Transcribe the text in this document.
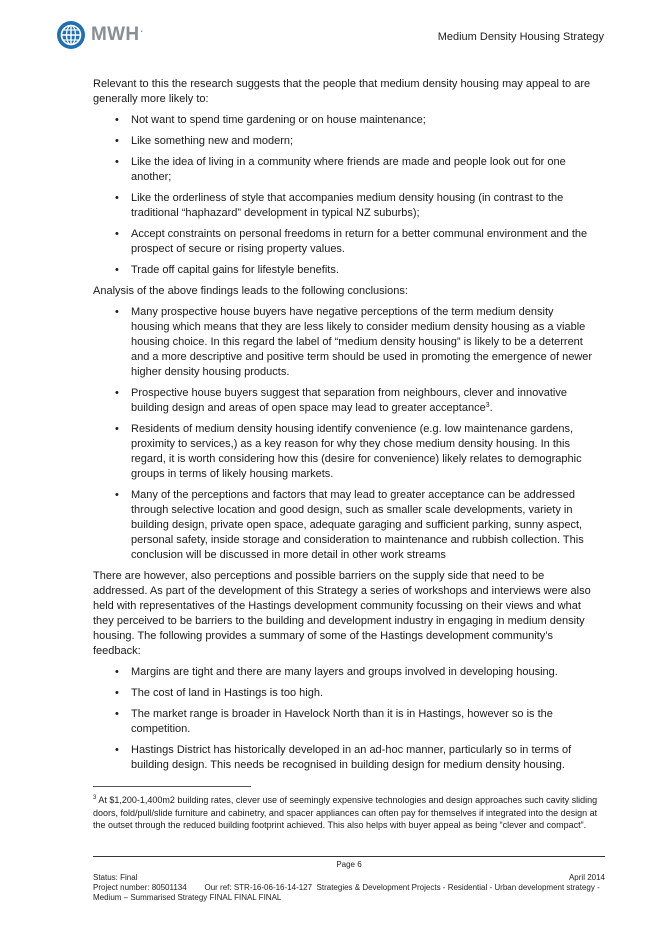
MWH.
Medium Density Housing Strategy

Relevant to this the research suggests that the people that medium density housing may appeal to are generally more likely to:

• Not want to spend time gardening or on house maintenance;
• Like something new and modern;
• Like the idea of living in a community where friends are made and people look out for one another;
• Like the orderliness of style that accompanies medium density housing (in contrast to the traditional “haphazard” development in typical NZ suburbs);
• Accept constraints on personal freedoms in return for a better communal environment and the prospect of secure or rising property values.
• Trade off capital gains for lifestyle benefits.

Analysis of the above findings leads to the following conclusions:

• Many prospective house buyers have negative perceptions of the term medium density housing which means that they are less likely to consider medium density housing as a viable housing choice. In this regard the label of “medium density housing” is likely to be a deterrent and a more descriptive and positive term should be used in promoting the emergence of newer higher density housing products.
• Prospective house buyers suggest that separation from neighbours, clever and innovative building design and areas of open space may lead to greater acceptance$^3$.
• Residents of medium density housing identify convenience (e.g. low maintenance gardens, proximity to services,) as a key reason for why they chose medium density housing. In this regard, it is worth considering how this (desire for convenience) likely relates to demographic groups in terms of likely housing markets.
• Many of the perceptions and factors that may lead to greater acceptance can be addressed through selective location and good design, such as smaller scale developments, variety in building design, private open space, adequate garaging and sufficient parking, sunny aspect, personal safety, inside storage and consideration to maintenance and rubbish collection. This conclusion will be discussed in more detail in other work streams

There are however, also perceptions and possible barriers on the supply side that need to be addressed. As part of the development of this Strategy a series of workshops and interviews were also held with representatives of the Hastings development community focussing on their views and what they perceived to be barriers to the building and development industry in engaging in medium density housing. The following provides a summary of some of the Hastings development community’s feedback:

• Margins are tight and there are many layers and groups involved in developing housing.
• The cost of land in Hastings is too high.
• The market range is broader in Havelock North than it is in Hastings, however so is the competition.
• Hastings District has historically developed in an ad-hoc manner, particularly so in terms of building design. This needs be recognised in building design for medium density housing.
$^3$ At $1,200-1,400m2 building rates, clever use of seemingly expensive technologies and design approaches such cavity sliding doors, fold/pull/slide furniture and cabinetry, and spacer appliances can often pay for themselves if integrated into the design at the outset through the reduced building footprint achieved. This also helps with buyer appeal as being “clever and compact”.
Page 6
Status: Final	April 2014
Project number: 80501134        Our ref: STR-16-06-16-14-127  Strategies & Development Projects - Residential - Urban development strategy - Medium – Summarised Strategy FINAL FINAL FINAL
